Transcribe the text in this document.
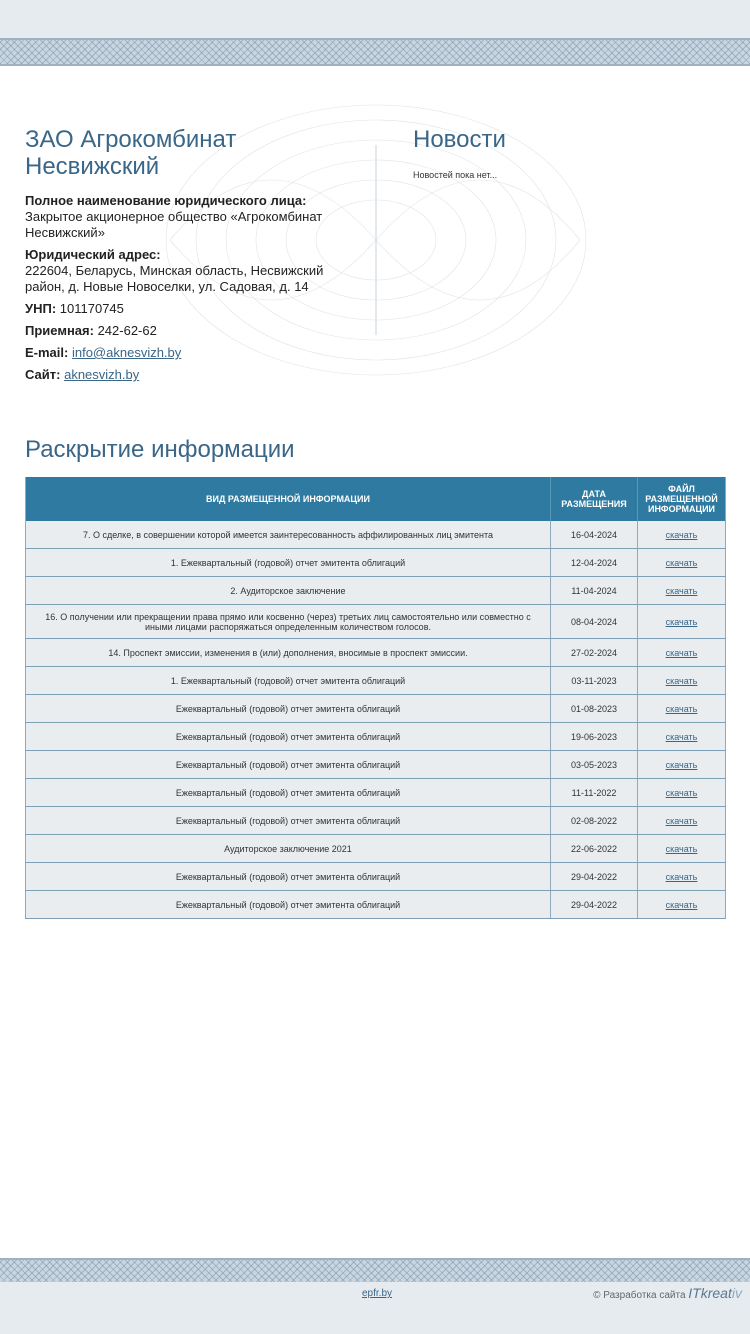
ЗАО Агрокомбинат Несвижский
Полное наименование юридического лица:
Закрытое акционерное общество «Агрокомбинат Несвижский»
Юридический адрес:
222604, Беларусь, Минская область, Несвижский район, д. Новые Новоселки, ул. Садовая, д. 14
УНП: 101170745
Приемная: 242-62-62
E-mail: info@aknesvizh.by
Сайт: aknesvizh.by
Новости
Новостей пока нет...
Раскрытие информации
ВИД РАЗМЕЩЕННОЙ ИНФОРМАЦИИ	ДАТА РАЗМЕЩЕНИЯ	ФАЙЛ РАЗМЕЩЕННОЙ ИНФОРМАЦИИ
7. О сделке, в совершении которой имеется заинтересованность аффилированных лиц эмитента	16-04-2024	скачать
1. Ежеквартальный (годовой) отчет эмитента облигаций	12-04-2024	скачать
2. Аудиторское заключение	11-04-2024	скачать
16. О получении или прекращении права прямо или косвенно (через) третьих лиц самостоятельно или совместно с иными лицами распоряжаться определенным количеством голосов.	08-04-2024	скачать
14. Проспект эмиссии, изменения в (или) дополнения, вносимые в проспект эмиссии.	27-02-2024	скачать
1. Ежеквартальный (годовой) отчет эмитента облигаций	03-11-2023	скачать
Ежеквартальный (годовой) отчет эмитента облигаций	01-08-2023	скачать
Ежеквартальный (годовой) отчет эмитента облигаций	19-06-2023	скачать
Ежеквартальный (годовой) отчет эмитента облигаций	03-05-2023	скачать
Ежеквартальный (годовой) отчет эмитента облигаций	11-11-2022	скачать
Ежеквартальный (годовой) отчет эмитента облигаций	02-08-2022	скачать
Аудиторское заключение 2021	22-06-2022	скачать
Ежеквартальный (годовой) отчет эмитента облигаций	29-04-2022	скачать
Ежеквартальный (годовой) отчет эмитента облигаций	29-04-2022	скачать
epfr.by	© Разработка сайта ITkreativ
